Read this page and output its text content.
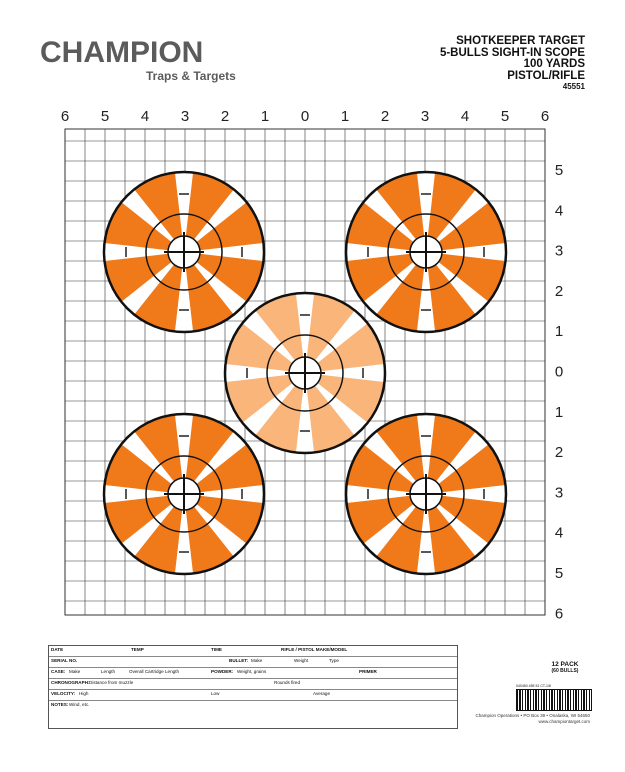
CHAMPION
Traps & Targets
SHOTKEEPER TARGET
5-BULLS SIGHT-IN SCOPE
100 YARDS
PISTOL/RIFLE
45551
6 5 4 3 2 1 0 1 2 3 4 5 6
5
4
3
2
1
0
1
2
3
4
5
6
DATE	TEMP	TIME	RIFLE / PISTOL MAKE/MODEL
SERIAL NO.	BULLET: Make	Weight	Type
CASE: Make	Length	Overall Cartridge Length	POWDER: Weight, grains	PRIMER
CHRONOGRAPH: Distance from muzzle	Rounds fired
VELOCITY: High	Low	Average
NOTES: Wind, etc.
12 PACK
(60 BULLS)
040450 455 51 CT-1/8
Champion Operations • PO Box 39 • Onalaska, WI 54650
www.championtarget.com
